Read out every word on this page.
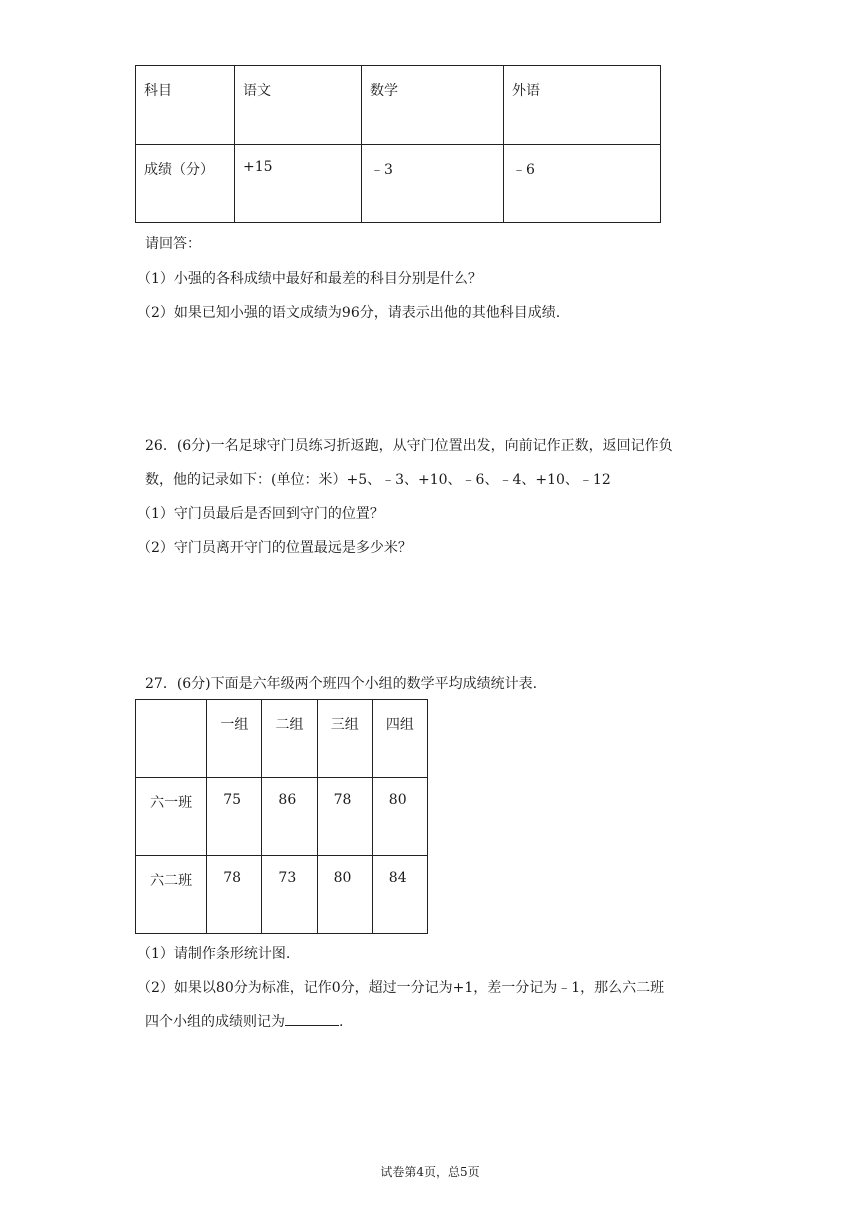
科目	语文	数学	外语

成绩（分）	+15	﹣3	﹣6
请回答：
（1）小强的各科成绩中最好和最差的科目分别是什么？
（2）如果已知小强的语文成绩为96分，请表示出他的其他科目成绩.
26．(6分)一名足球守门员练习折返跑，从守门位置出发，向前记作正数，返回记作负
数，他的记录如下：(单位：米）+5、﹣3、+10、﹣6、﹣4、+10、﹣12
（1）守门员最后是否回到守门的位置？
（2）守门员离开守门的位置最远是多少米？
27．(6分)下面是六年级两个班四个小组的数学平均成绩统计表.

	一组	二组	三组	四组

六一班	75	86	78	80

六二班	78	73	80	84
（1）请制作条形统计图.
（2）如果以80分为标准，记作0分，超过一分记为+1，差一分记为﹣1，那么六二班
四个小组的成绩则记为	.
试卷第4页，总5页
